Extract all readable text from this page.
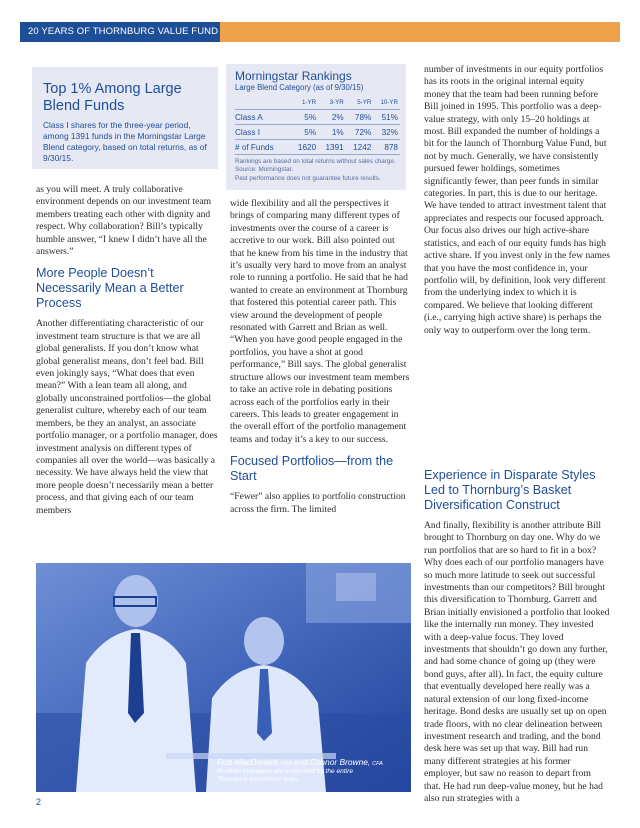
20 YEARS OF THORNBURG VALUE FUND
Top 1% Among Large Blend Funds

Class I shares for the three-year period, among 1391 funds in the Morningstar Large Blend category, based on total returns, as of 9/30/15.

Morningstar Rankings
Large Blend Category (as of 9/30/15)
	1-YR	3-YR	5-YR	10-YR
Class A	5%	2%	78%	51%
Class I	5%	1%	72%	32%
# of Funds	1620	1391	1242	878
Rankings are based on total returns without sales charge.
Source: Morningstar.
Past performance does not guarantee future results.

as you will meet. A truly collaborative environment depends on our investment team members treating each other with dignity and respect. Why collaboration? Bill’s typically humble answer, “I knew I didn’t have all the answers.”

More People Doesn’t Necessarily Mean a Better Process

Another differentiating characteristic of our investment team structure is that we are all global generalists. If you don’t know what global generalist means, don’t feel bad. Bill even jokingly says, “What does that even mean?” With a lean team all along, and globally unconstrained portfolios—the global generalist culture, whereby each of our team members, be they an analyst, an associate portfolio manager, or a portfolio manager, does investment analysis on different types of companies all over the world—was basically a necessity. We have always held the view that more people doesn’t necessarily mean a better process, and that giving each of our team members

wide flexibility and all the perspectives it brings of comparing many different types of investments over the course of a career is accretive to our work. Bill also pointed out that he knew from his time in the industry that it’s usually very hard to move from an analyst role to running a portfolio. He said that he had wanted to create an environment at Thornburg that fostered this potential career path. This view around the development of people resonated with Garrett and Brian as well. “When you have good people engaged in the portfolios, you have a shot at good performance,” Bill says. The global generalist structure allows our investment team members to take an active role in debating positions across each of the portfolios early in their careers. This leads to greater engagement in the overall effort of the portfolio management teams and today it’s a key to our success.

Focused Portfolios—from the Start

“Fewer” also applies to portfolio construction across the firm. The limited

number of investments in our equity portfolios has its roots in the original internal equity money that the team had been running before Bill joined in 1995. This portfolio was a deep-value strategy, with only 15–20 holdings at most. Bill expanded the number of holdings a bit for the launch of Thornburg Value Fund, but not by much. Generally, we have consistently pursued fewer holdings, sometimes significantly fewer, than peer funds in similar categories. In part, this is due to our heritage. We have tended to attract investment talent that appreciates and respects our focused approach. Our focus also drives our high active-share statistics, and each of our equity funds has high active share. If you invest only in the few names that you have the most confidence in, your portfolio will, by definition, look very different from the underlying index to which it is compared. We believe that looking different (i.e., carrying high active share) is perhaps the only way to outperform over the long term.

Experience in Disparate Styles Led to Thornburg’s Basket Diversification Construct

And finally, flexibility is another attribute Bill brought to Thornburg on day one. Why do we run portfolios that are so hard to fit in a box? Why does each of our portfolio managers have so much more latitude to seek out successful investments than our competitors? Bill brought this diversification to Thornburg. Garrett and Brian initially envisioned a portfolio that looked like the internally run money. They invested with a deep-value focus. They loved investments that shouldn’t go down any further, and had some chance of going up (they were bond guys, after all). In fact, the equity culture that eventually developed here really was a natural extension of our long fixed-income heritage. Bond desks are usually set up on open trade floors, with no clear delineation between investment research and trading, and the bond desk here was set up that way. Bill had run many different strategies at his former employer, but saw no reason to depart from that. He had run deep-value money, but he had also run strategies with a

Rob MacDonald, CFA and Connor Browne, CFA
Portfolio managers are supported by the entire
Thornburg investment team.
2
